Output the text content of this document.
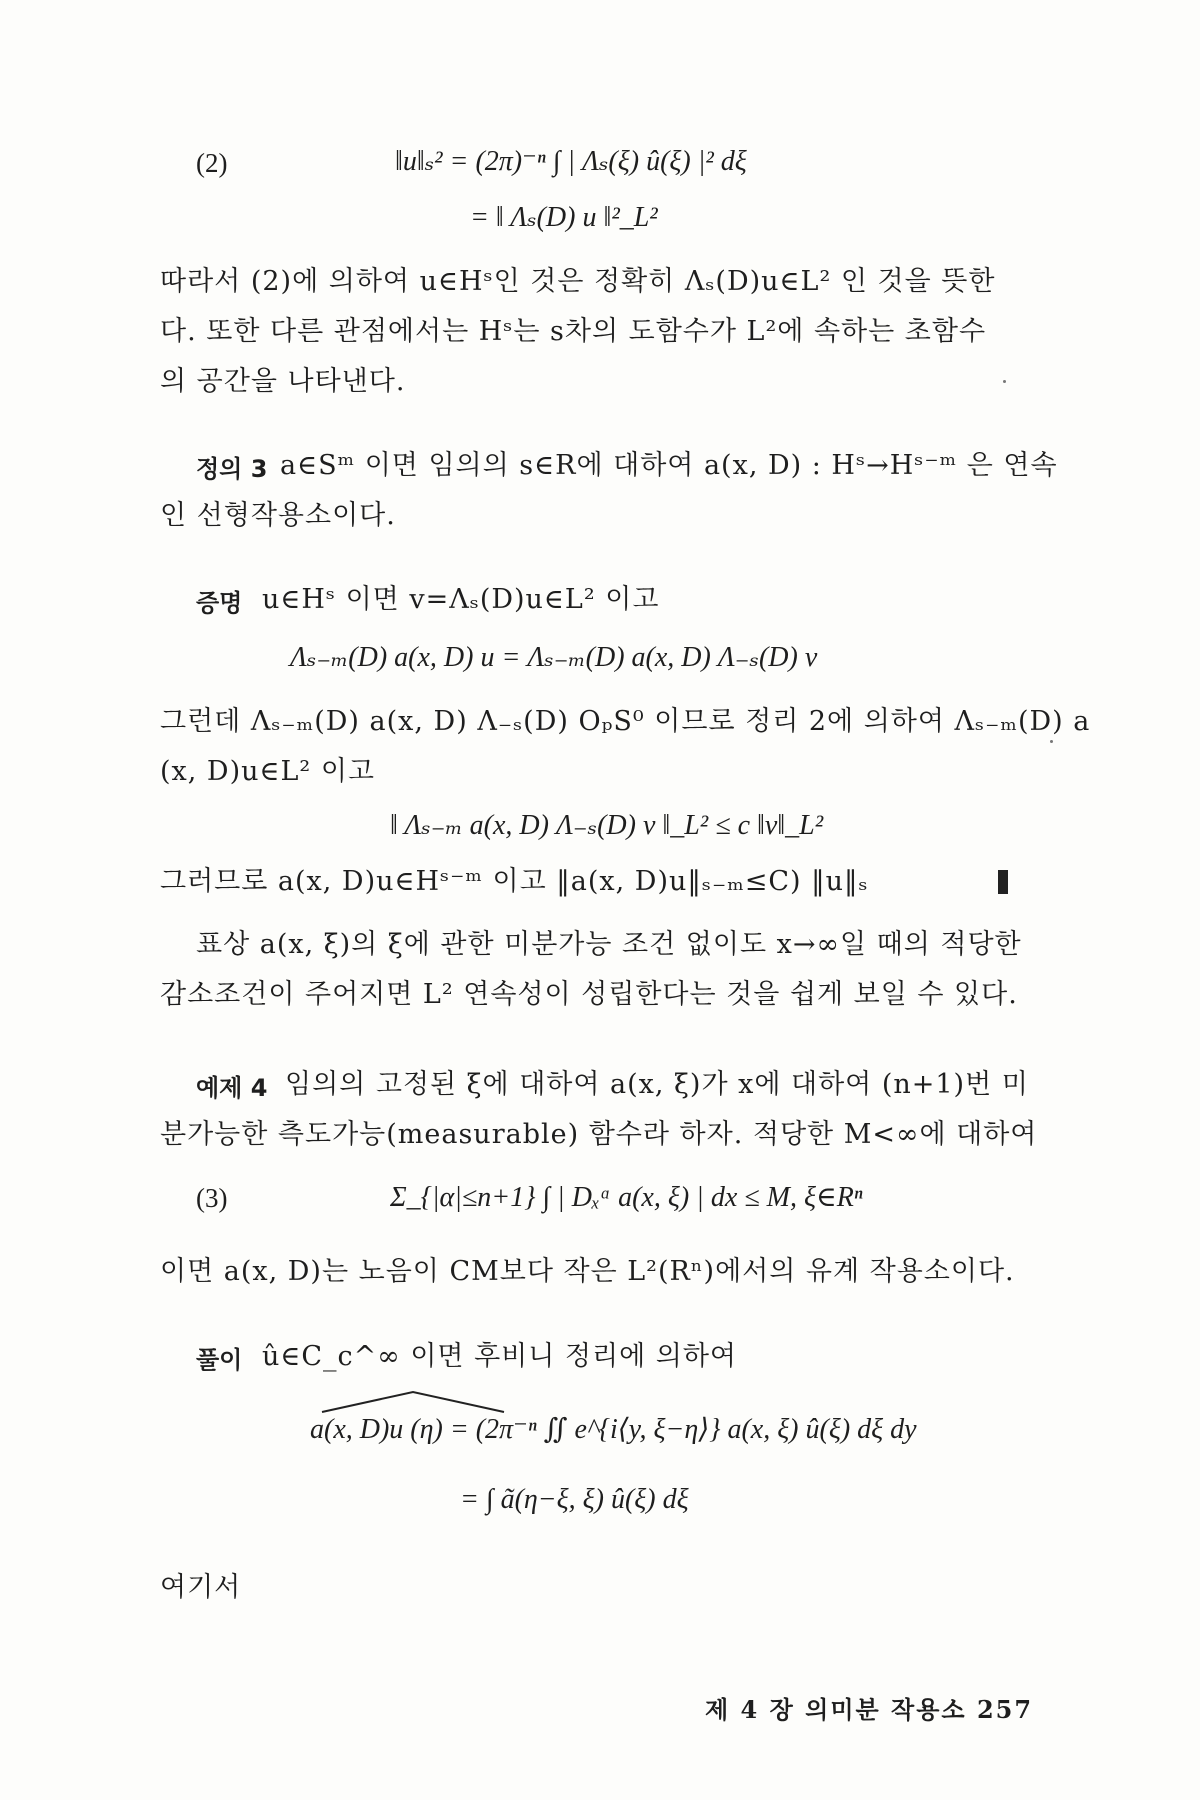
(2)	‖u‖ₛ² = (2π)⁻ⁿ ∫ | Λₛ(ξ) û(ξ) |² dξ
= ‖ Λₛ(D) u ‖²_L²
따라서 (2)에 의하여 u∈Hˢ인 것은 정확히 Λₛ(D)u∈L² 인 것을 뜻한
다. 또한 다른 관점에서는 Hˢ는 s차의 도함수가 L²에 속하는 초함수
의 공간을 나타낸다.
정의 3 a∈Sᵐ 이면 임의의 s∈R에 대하여 a(x, D) : Hˢ→Hˢ⁻ᵐ 은 연속
인 선형작용소이다.
증명 u∈Hˢ 이면 v=Λₛ(D)u∈L² 이고
Λₛ₋ₘ(D) a(x, D) u = Λₛ₋ₘ(D) a(x, D) Λ₋ₛ(D) v
그런데 Λₛ₋ₘ(D) a(x, D) Λ₋ₛ(D) OₚS⁰ 이므로 정리 2에 의하여 Λₛ₋ₘ(D) a
(x, D)u∈L² 이고
‖ Λₛ₋ₘ a(x, D) Λ₋ₛ(D) v ‖_L² ≤ c ‖v‖_L²
그러므로 a(x, D)u∈Hˢ⁻ᵐ 이고 ‖a(x, D)u‖ₛ₋ₘ≤C) ‖u‖ₛ
표상 a(x, ξ)의 ξ에 관한 미분가능 조건 없이도 x→∞일 때의 적당한
감소조건이 주어지면 L² 연속성이 성립한다는 것을 쉽게 보일 수 있다.
예제 4 임의의 고정된 ξ에 대하여 a(x, ξ)가 x에 대하여 (n+1)번 미
분가능한 측도가능(measurable) 함수라 하자. 적당한 M<∞에 대하여
(3)	Σ_{|α|≤n+1} ∫ | Dₓᵅ a(x, ξ) | dx ≤ M, ξ∈Rⁿ
이면 a(x, D)는 노음이 CM보다 작은 L²(Rⁿ)에서의 유계 작용소이다.
풀이 û∈C_c^∞ 이면 후비니 정리에 의하여
a(x, D)u (η) = (2π⁻ⁿ ∬ e^{i⟨y, ξ−η⟩} a(x, ξ) û(ξ) dξ dy
= ∫ ã(η−ξ, ξ) û(ξ) dξ
여기서
제 4 장 의미분 작용소 257
